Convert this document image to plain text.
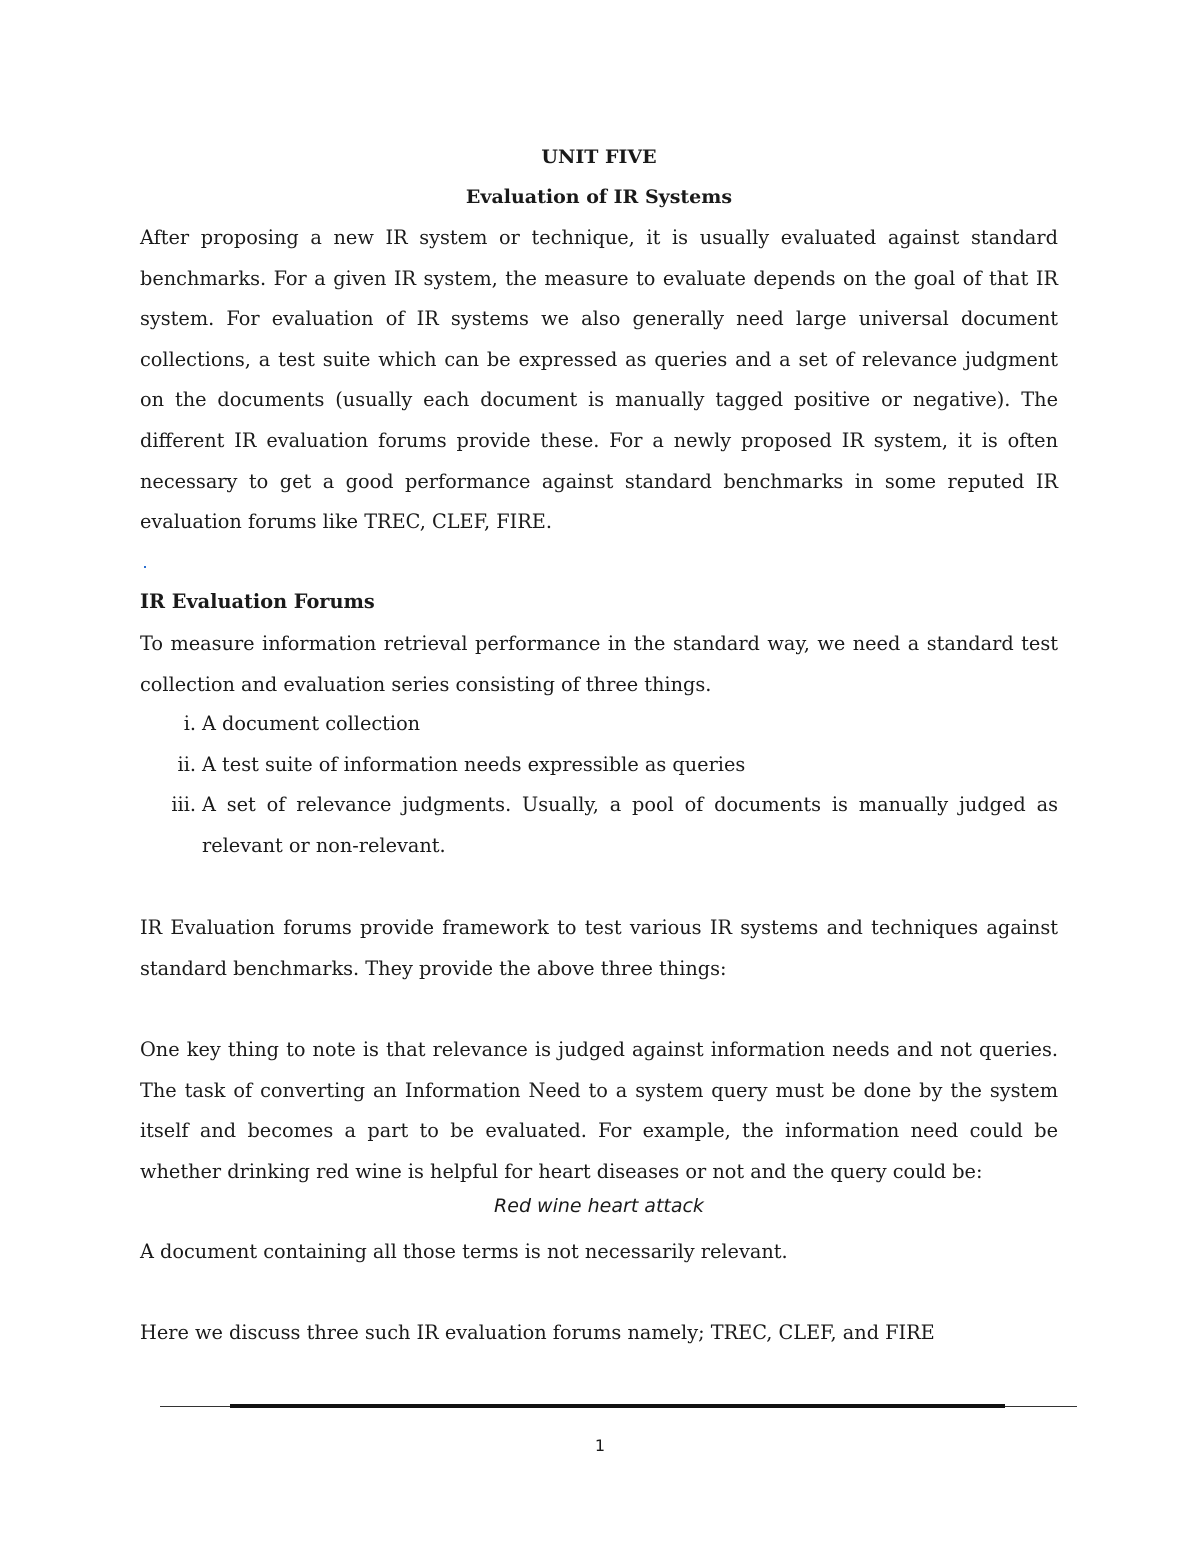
UNIT FIVE
Evaluation of IR Systems

After proposing a new IR system or technique, it is usually evaluated against standard benchmarks. For a given IR system, the measure to evaluate depends on the goal of that IR system. For evaluation of IR systems we also generally need large universal document collections, a test suite which can be expressed as queries and a set of relevance judgment on the documents (usually each document is manually tagged positive or negative). The different IR evaluation forums provide these. For a newly proposed IR system, it is often necessary to get a good performance against standard benchmarks in some reputed IR evaluation forums like TREC, CLEF, FIRE.

IR Evaluation Forums

To measure information retrieval performance in the standard way, we need a standard test collection and evaluation series consisting of three things.

i. A document collection
ii. A test suite of information needs expressible as queries
iii. A set of relevance judgments. Usually, a pool of documents is manually judged as relevant or non-relevant.

IR Evaluation forums provide framework to test various IR systems and techniques against standard benchmarks. They provide the above three things:

One key thing to note is that relevance is judged against information needs and not queries. The task of converting an Information Need to a system query must be done by the system itself and becomes a part to be evaluated. For example, the information need could be whether drinking red wine is helpful for heart diseases or not and the query could be:

Red wine heart attack

A document containing all those terms is not necessarily relevant.

Here we discuss three such IR evaluation forums namely; TREC, CLEF, and FIRE

1
